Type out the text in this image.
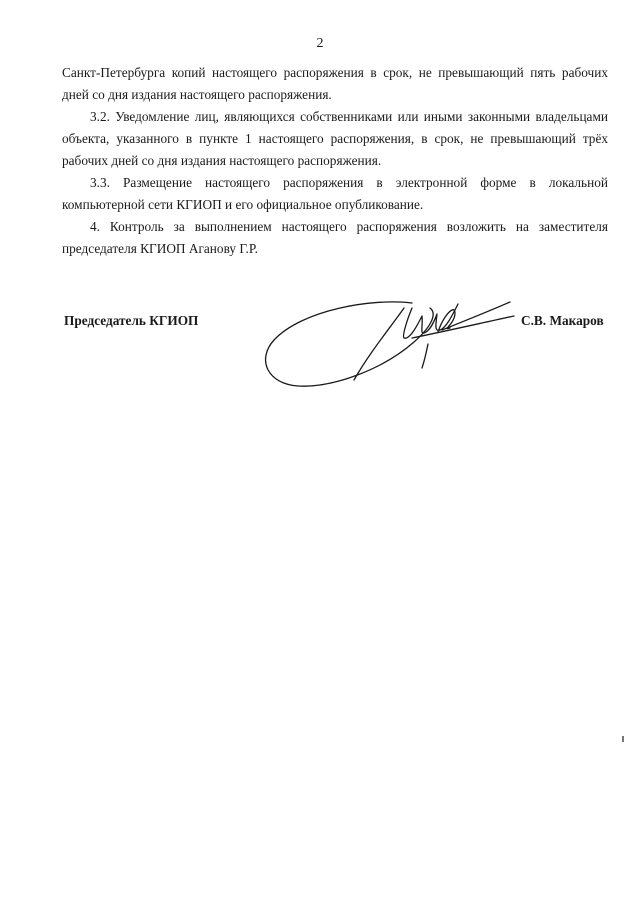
2

Санкт-Петербурга копий настоящего распоряжения в срок, не превышающий пять рабочих дней со дня издания настоящего распоряжения.

3.2. Уведомление лиц, являющихся собственниками или иными законными владельцами объекта, указанного в пункте 1 настоящего распоряжения, в срок, не превышающий трёх рабочих дней со дня издания настоящего распоряжения.

3.3. Размещение настоящего распоряжения в электронной форме в локальной компьютерной сети КГИОП и его официальное опубликование.

4. Контроль за выполнением настоящего распоряжения возложить на заместителя председателя КГИОП Аганову Г.Р.

Председатель КГИОП	С.В. Макаров
